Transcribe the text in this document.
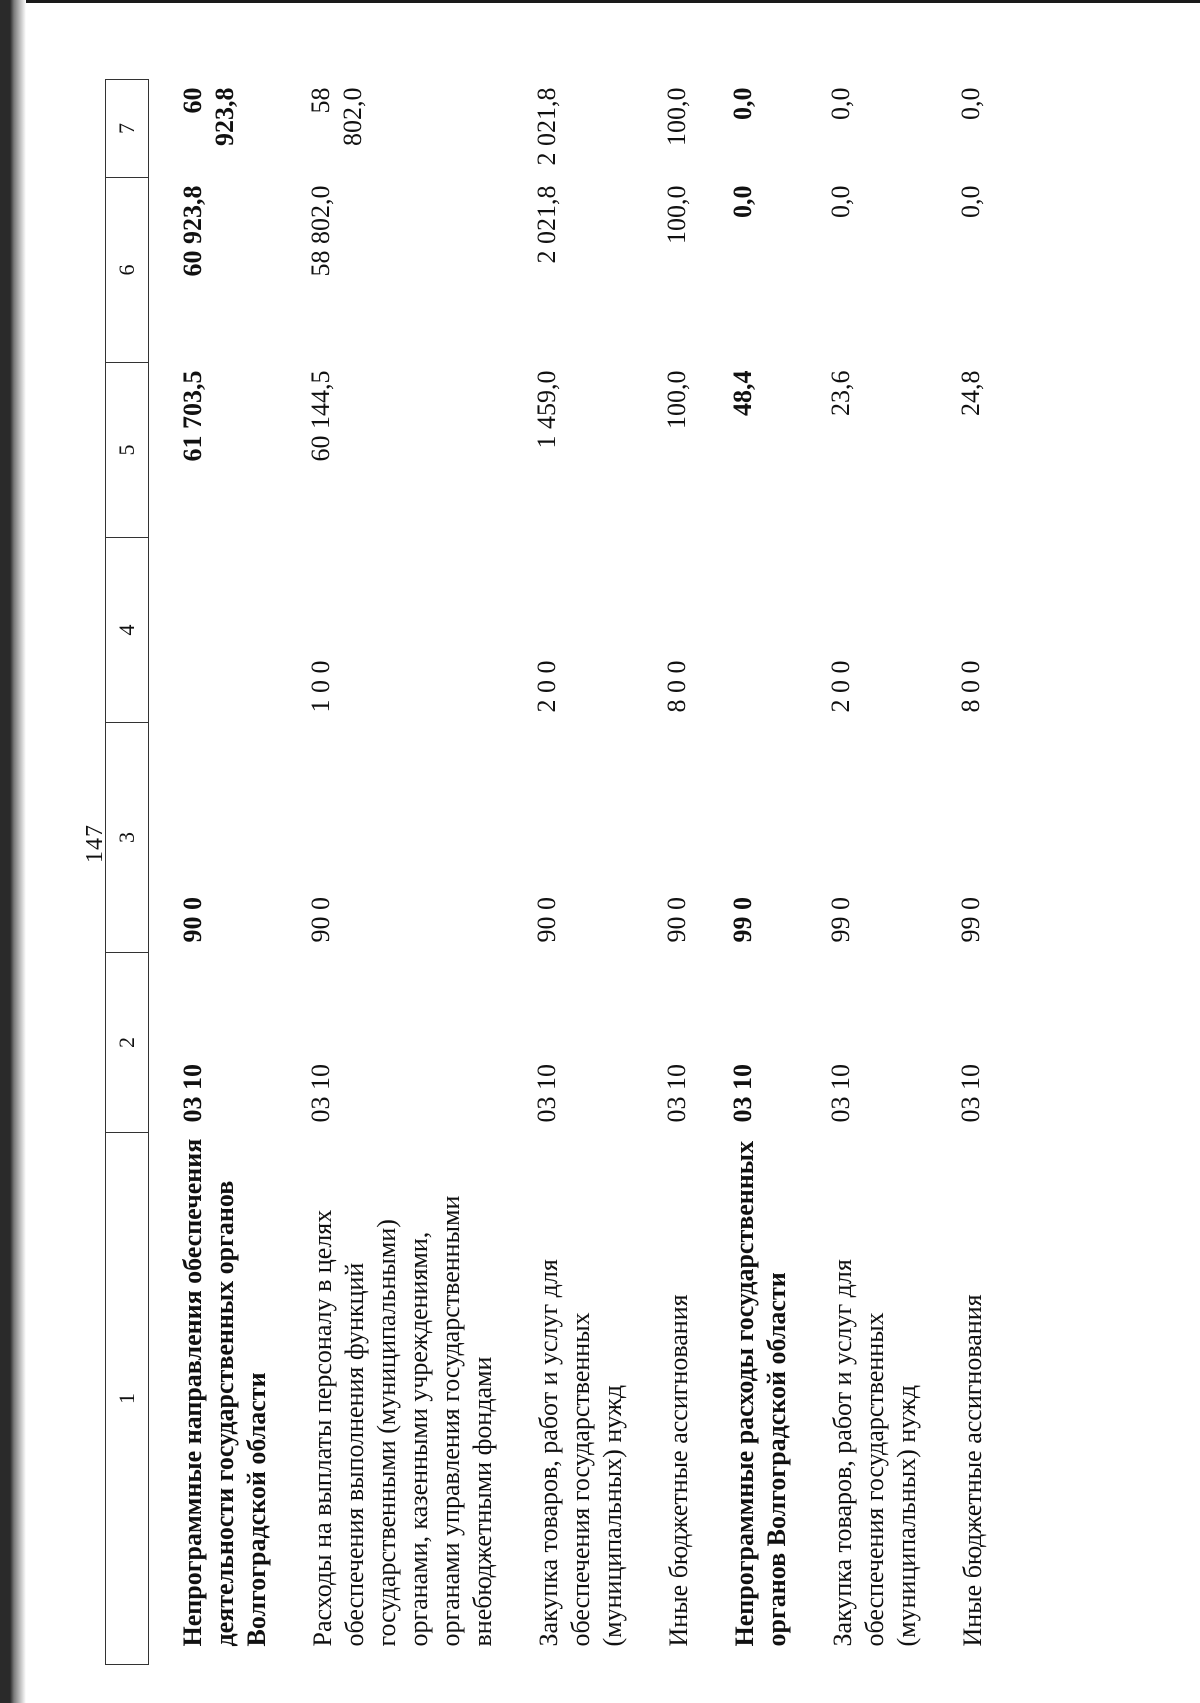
147
1	2	3	4	5	6	7
Непрограммные направления обеспечения деятельности государственных органов Волгоградской области	03 10	90 0		61 703,5	60 923,8	60 923,8
Расходы на выплаты персоналу в целях обеспечения выполнения функций государственными (муниципальными) органами, казенными учреждениями, органами управления государственными внебюджетными фондами	03 10	90 0	1 0 0	60 144,5	58 802,0	58 802,0
Закупка товаров, работ и услуг для обеспечения государственных (муниципальных) нужд	03 10	90 0	2 0 0	1 459,0	2 021,8	2 021,8
Иные бюджетные ассигнования	03 10	90 0	8 0 0	100,0	100,0	100,0
Непрограммные расходы государственных органов Волгоградской области	03 10	99 0		48,4	0,0	0,0
Закупка товаров, работ и услуг для обеспечения государственных (муниципальных) нужд	03 10	99 0	2 0 0	23,6	0,0	0,0
Иные бюджетные ассигнования	03 10	99 0	8 0 0	24,8	0,0	0,0
